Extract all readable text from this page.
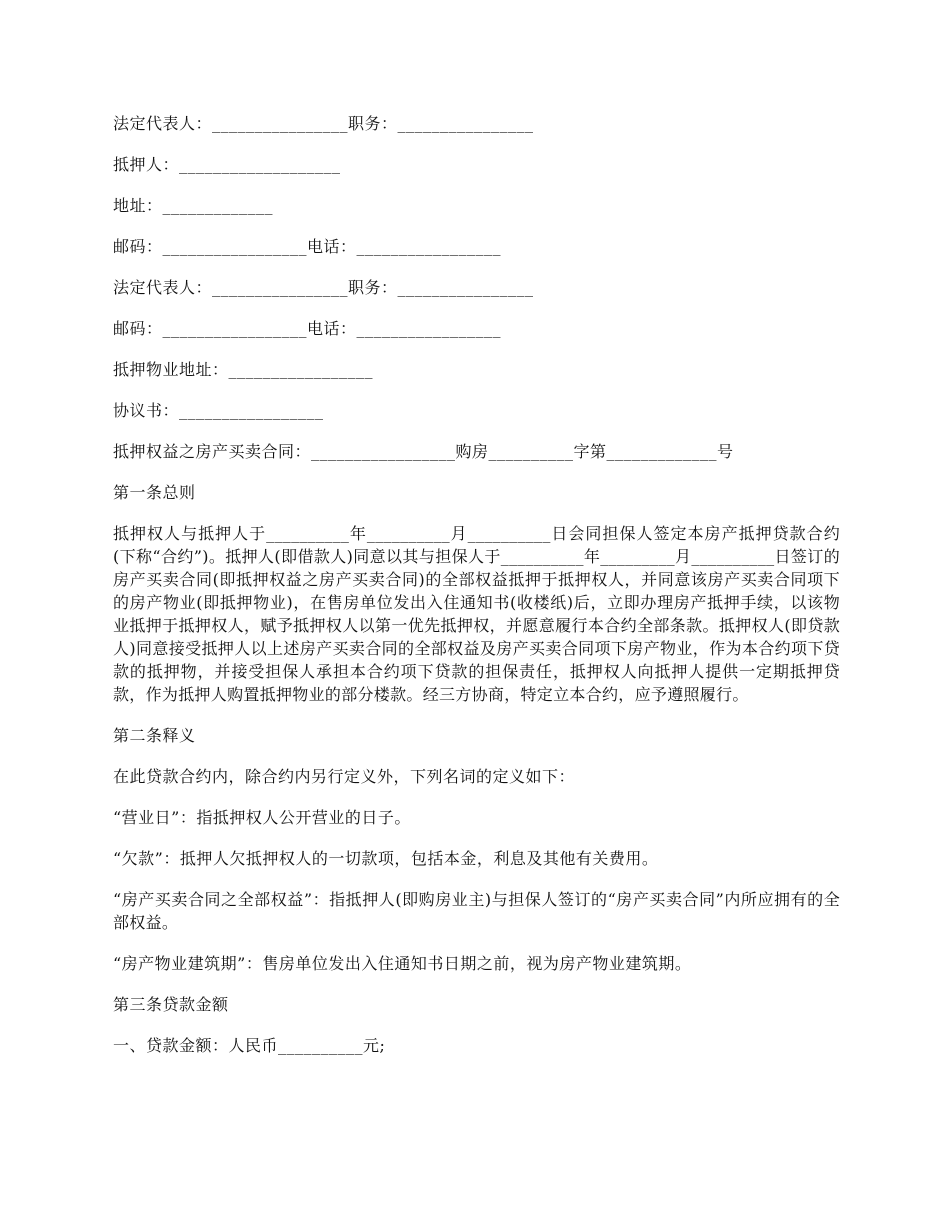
法定代表人：________________职务：________________
抵押人：___________________
地址：_____________
邮码：_________________电话：_________________
法定代表人：________________职务：________________
邮码：_________________电话：_________________
抵押物业地址：_________________
协议书：_________________
抵押权益之房产买卖合同：_________________购房__________字第_____________号
第一条总则
抵押权人与抵押人于__________年__________月__________日会同担保人签定本房产抵押贷款合约(下称“合约”)。抵押人(即借款人)同意以其与担保人于__________年_________月__________日签订的房产买卖合同(即抵押权益之房产买卖合同)的全部权益抵押于抵押权人，并同意该房产买卖合同项下的房产物业(即抵押物业)，在售房单位发出入住通知书(收楼纸)后，立即办理房产抵押手续，以该物业抵押于抵押权人，赋予抵押权人以第一优先抵押权，并愿意履行本合约全部条款。抵押权人(即贷款人)同意接受抵押人以上述房产买卖合同的全部权益及房产买卖合同项下房产物业，作为本合约项下贷款的抵押物，并接受担保人承担本合约项下贷款的担保责任，抵押权人向抵押人提供一定期抵押贷款，作为抵押人购置抵押物业的部分楼款。经三方协商，特定立本合约，应予遵照履行。
第二条释义
在此贷款合约内，除合约内另行定义外，下列名词的定义如下：
“营业日”：指抵押权人公开营业的日子。
“欠款”：抵押人欠抵押权人的一切款项，包括本金，利息及其他有关费用。
“房产买卖合同之全部权益”：指抵押人(即购房业主)与担保人签订的“房产买卖合同”内所应拥有的全部权益。
“房产物业建筑期”：售房单位发出入住通知书日期之前，视为房产物业建筑期。
第三条贷款金额
一、贷款金额：人民币__________元;
